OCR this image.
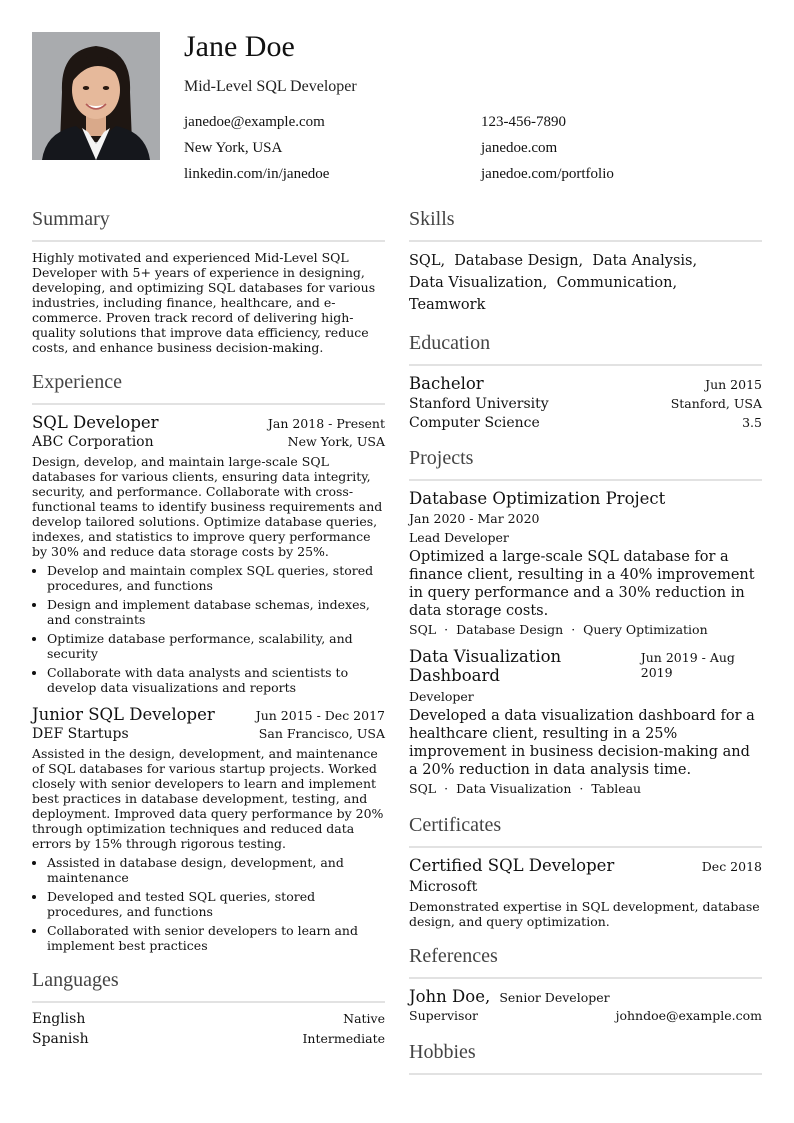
Jane Doe
Mid-Level SQL Developer
janedoe@example.com	123-456-7890
New York, USA	janedoe.com
linkedin.com/in/janedoe	janedoe.com/portfolio
Summary
Highly motivated and experienced Mid-Level SQL Developer with 5+ years of experience in designing, developing, and optimizing SQL databases for various industries, including finance, healthcare, and e-commerce. Proven track record of delivering high-quality solutions that improve data efficiency, reduce costs, and enhance business decision-making.
Experience
SQL Developer	Jan 2018 - Present
ABC Corporation	New York, USA
Design, develop, and maintain large-scale SQL databases for various clients, ensuring data integrity, security, and performance. Collaborate with cross-functional teams to identify business requirements and develop tailored solutions. Optimize database queries, indexes, and statistics to improve query performance by 30% and reduce data storage costs by 25%.
• Develop and maintain complex SQL queries, stored procedures, and functions
• Design and implement database schemas, indexes, and constraints
• Optimize database performance, scalability, and security
• Collaborate with data analysts and scientists to develop data visualizations and reports
Junior SQL Developer	Jun 2015 - Dec 2017
DEF Startups	San Francisco, USA
Assisted in the design, development, and maintenance of SQL databases for various startup projects. Worked closely with senior developers to learn and implement best practices in database development, testing, and deployment. Improved data query performance by 20% through optimization techniques and reduced data errors by 15% through rigorous testing.
• Assisted in database design, development, and maintenance
• Developed and tested SQL queries, stored procedures, and functions
• Collaborated with senior developers to learn and implement best practices
Languages
English	Native
Spanish	Intermediate
Skills
SQL, Database Design, Data Analysis,
Data Visualization, Communication,  Teamwork
Education
Bachelor	Jun 2015
Stanford University	Stanford, USA
Computer Science	3.5
Projects
Database Optimization Project
Jan 2020 - Mar 2020
Lead Developer
Optimized a large-scale SQL database for a finance client, resulting in a 40% improvement in query performance and a 30% reduction in data storage costs.
SQL · Database Design · Query Optimization
Data Visualization Dashboard
Jun 2019 - Aug 2019
Developer
Developed a data visualization dashboard for a healthcare client, resulting in a 25% improvement in business decision-making and a 20% reduction in data analysis time.
SQL · Data Visualization · Tableau
Certificates
Certified SQL Developer	Dec 2018
Microsoft
Demonstrated expertise in SQL development, database design, and query optimization.
References
John Doe, Senior Developer
Supervisor	johndoe@example.com
Hobbies
